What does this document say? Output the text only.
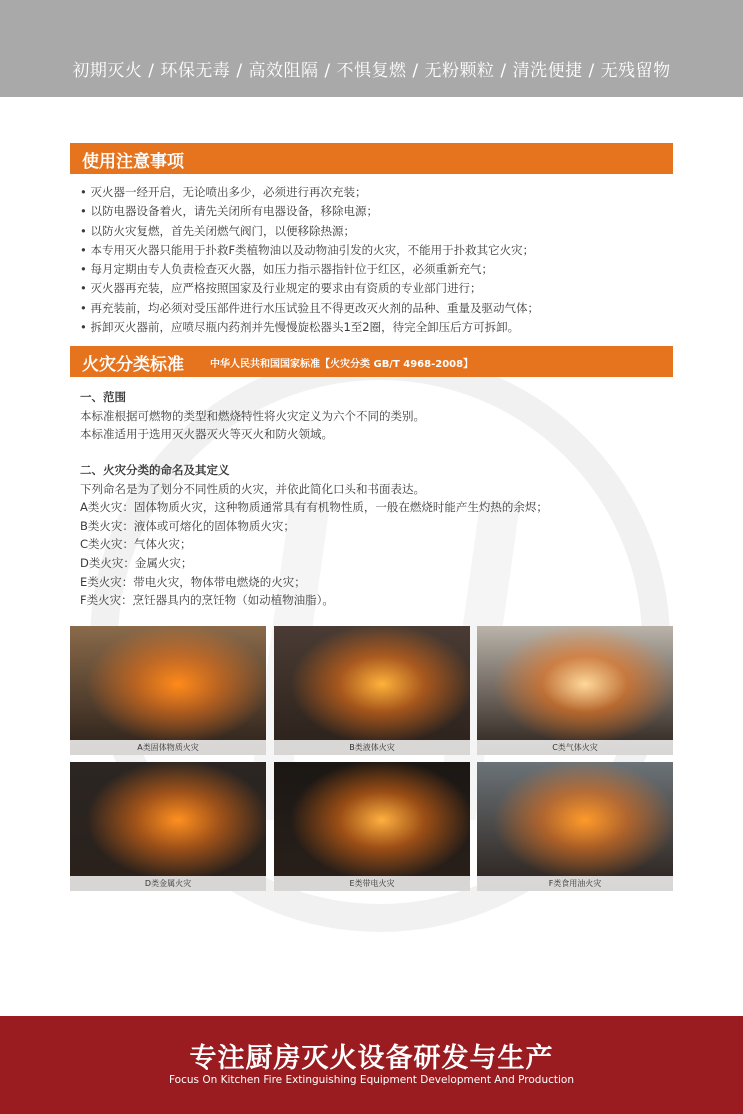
初期灭火 / 环保无毒 / 高效阻隔 / 不惧复燃 / 无粉颗粒 / 清洗便捷 / 无残留物
使用注意事项
• 灭火器一经开启，无论喷出多少，必须进行再次充装；
• 以防电器设备着火，请先关闭所有电器设备，移除电源；
• 以防火灾复燃，首先关闭燃气阀门，以便移除热源；
• 本专用灭火器只能用于扑救F类植物油以及动物油引发的火灾，不能用于扑救其它火灾；
• 每月定期由专人负责检查灭火器，如压力指示器指针位于红区，必须重新充气；
• 灭火器再充装，应严格按照国家及行业规定的要求由有资质的专业部门进行；
• 再充装前，均必须对受压部件进行水压试验且不得更改灭火剂的品种、重量及驱动气体；
• 拆卸灭火器前，应喷尽瓶内药剂并先慢慢旋松器头1至2圈，待完全卸压后方可拆卸。
火灾分类标准	中华人民共和国国家标准【火灾分类 GB/T 4968-2008】
一、范围
本标准根据可燃物的类型和燃烧特性将火灾定义为六个不同的类别。
本标准适用于选用灭火器灭火等灭火和防火领域。
二、火灾分类的命名及其定义
下列命名是为了划分不同性质的火灾，并依此简化口头和书面表达。
A类火灾：固体物质火灾，这种物质通常具有有机物性质，一般在燃烧时能产生灼热的余烬；
B类火灾：液体或可熔化的固体物质火灾；
C类火灾：气体火灾；
D类火灾：金属火灾；
E类火灾：带电火灾，物体带电燃烧的火灾；
F类火灾：烹饪器具内的烹饪物（如动植物油脂）。
A类固体物质火灾	B类液体火灾	C类气体火灾
D类金属火灾	E类带电火灾	F类食用油火灾
专注厨房灭火设备研发与生产
Focus On Kitchen Fire Extinguishing Equipment Development And Production
